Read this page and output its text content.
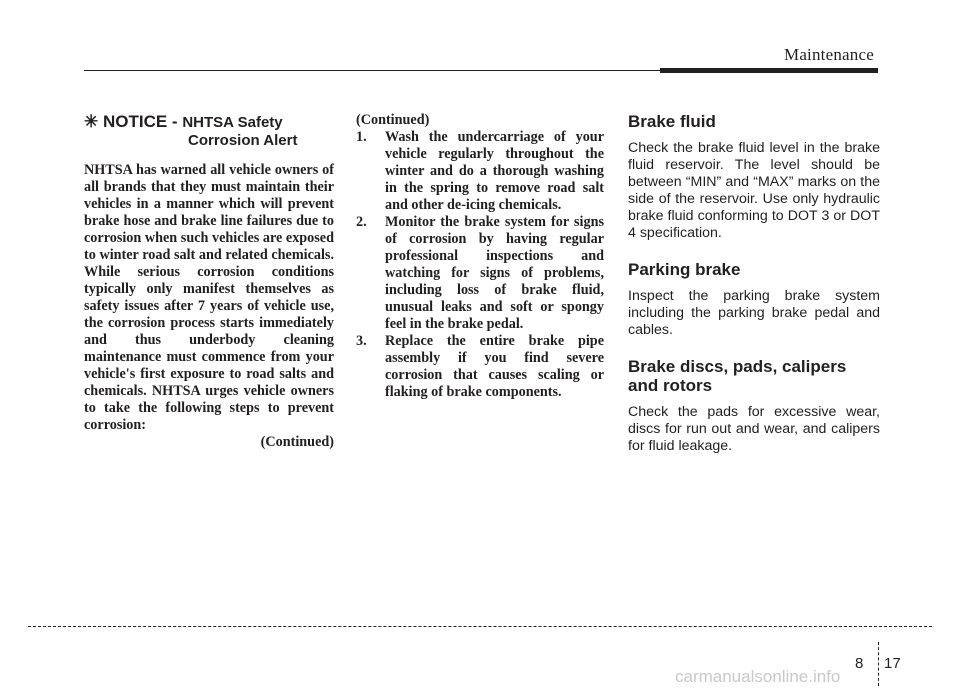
Maintenance
✳ NOTICE - NHTSA Safety
Corrosion Alert
NHTSA has warned all vehicle owners of all brands that they must maintain their vehicles in a manner which will prevent brake hose and brake line failures due to corrosion when such vehicles are exposed to winter road salt and related chemicals. While serious corrosion conditions typically only manifest themselves as safety issues after 7 years of vehicle use, the corrosion process starts immediately and thus underbody cleaning maintenance must commence from your vehicle's first exposure to road salts and chemicals. NHTSA urges vehicle owners to take the following steps to prevent corrosion:
(Continued)
(Continued)
1. Wash the undercarriage of your vehicle regularly throughout the winter and do a thorough washing in the spring to remove road salt and other de-icing chemicals.
2. Monitor the brake system for signs of corrosion by having regular professional inspections and watching for signs of problems, including loss of brake fluid, unusual leaks and soft or spongy feel in the brake pedal.
3. Replace the entire brake pipe assembly if you find severe corrosion that causes scaling or flaking of brake components.
Brake fluid
Check the brake fluid level in the brake fluid reservoir. The level should be between “MIN” and “MAX” marks on the side of the reservoir. Use only hydraulic brake fluid conforming to DOT 3 or DOT 4 specification.
Parking brake
Inspect the parking brake system including the parking brake pedal and cables.
Brake discs, pads, calipers and rotors
Check the pads for excessive wear, discs for run out and wear, and calipers for fluid leakage.
8 17
carmanualsonline.info
